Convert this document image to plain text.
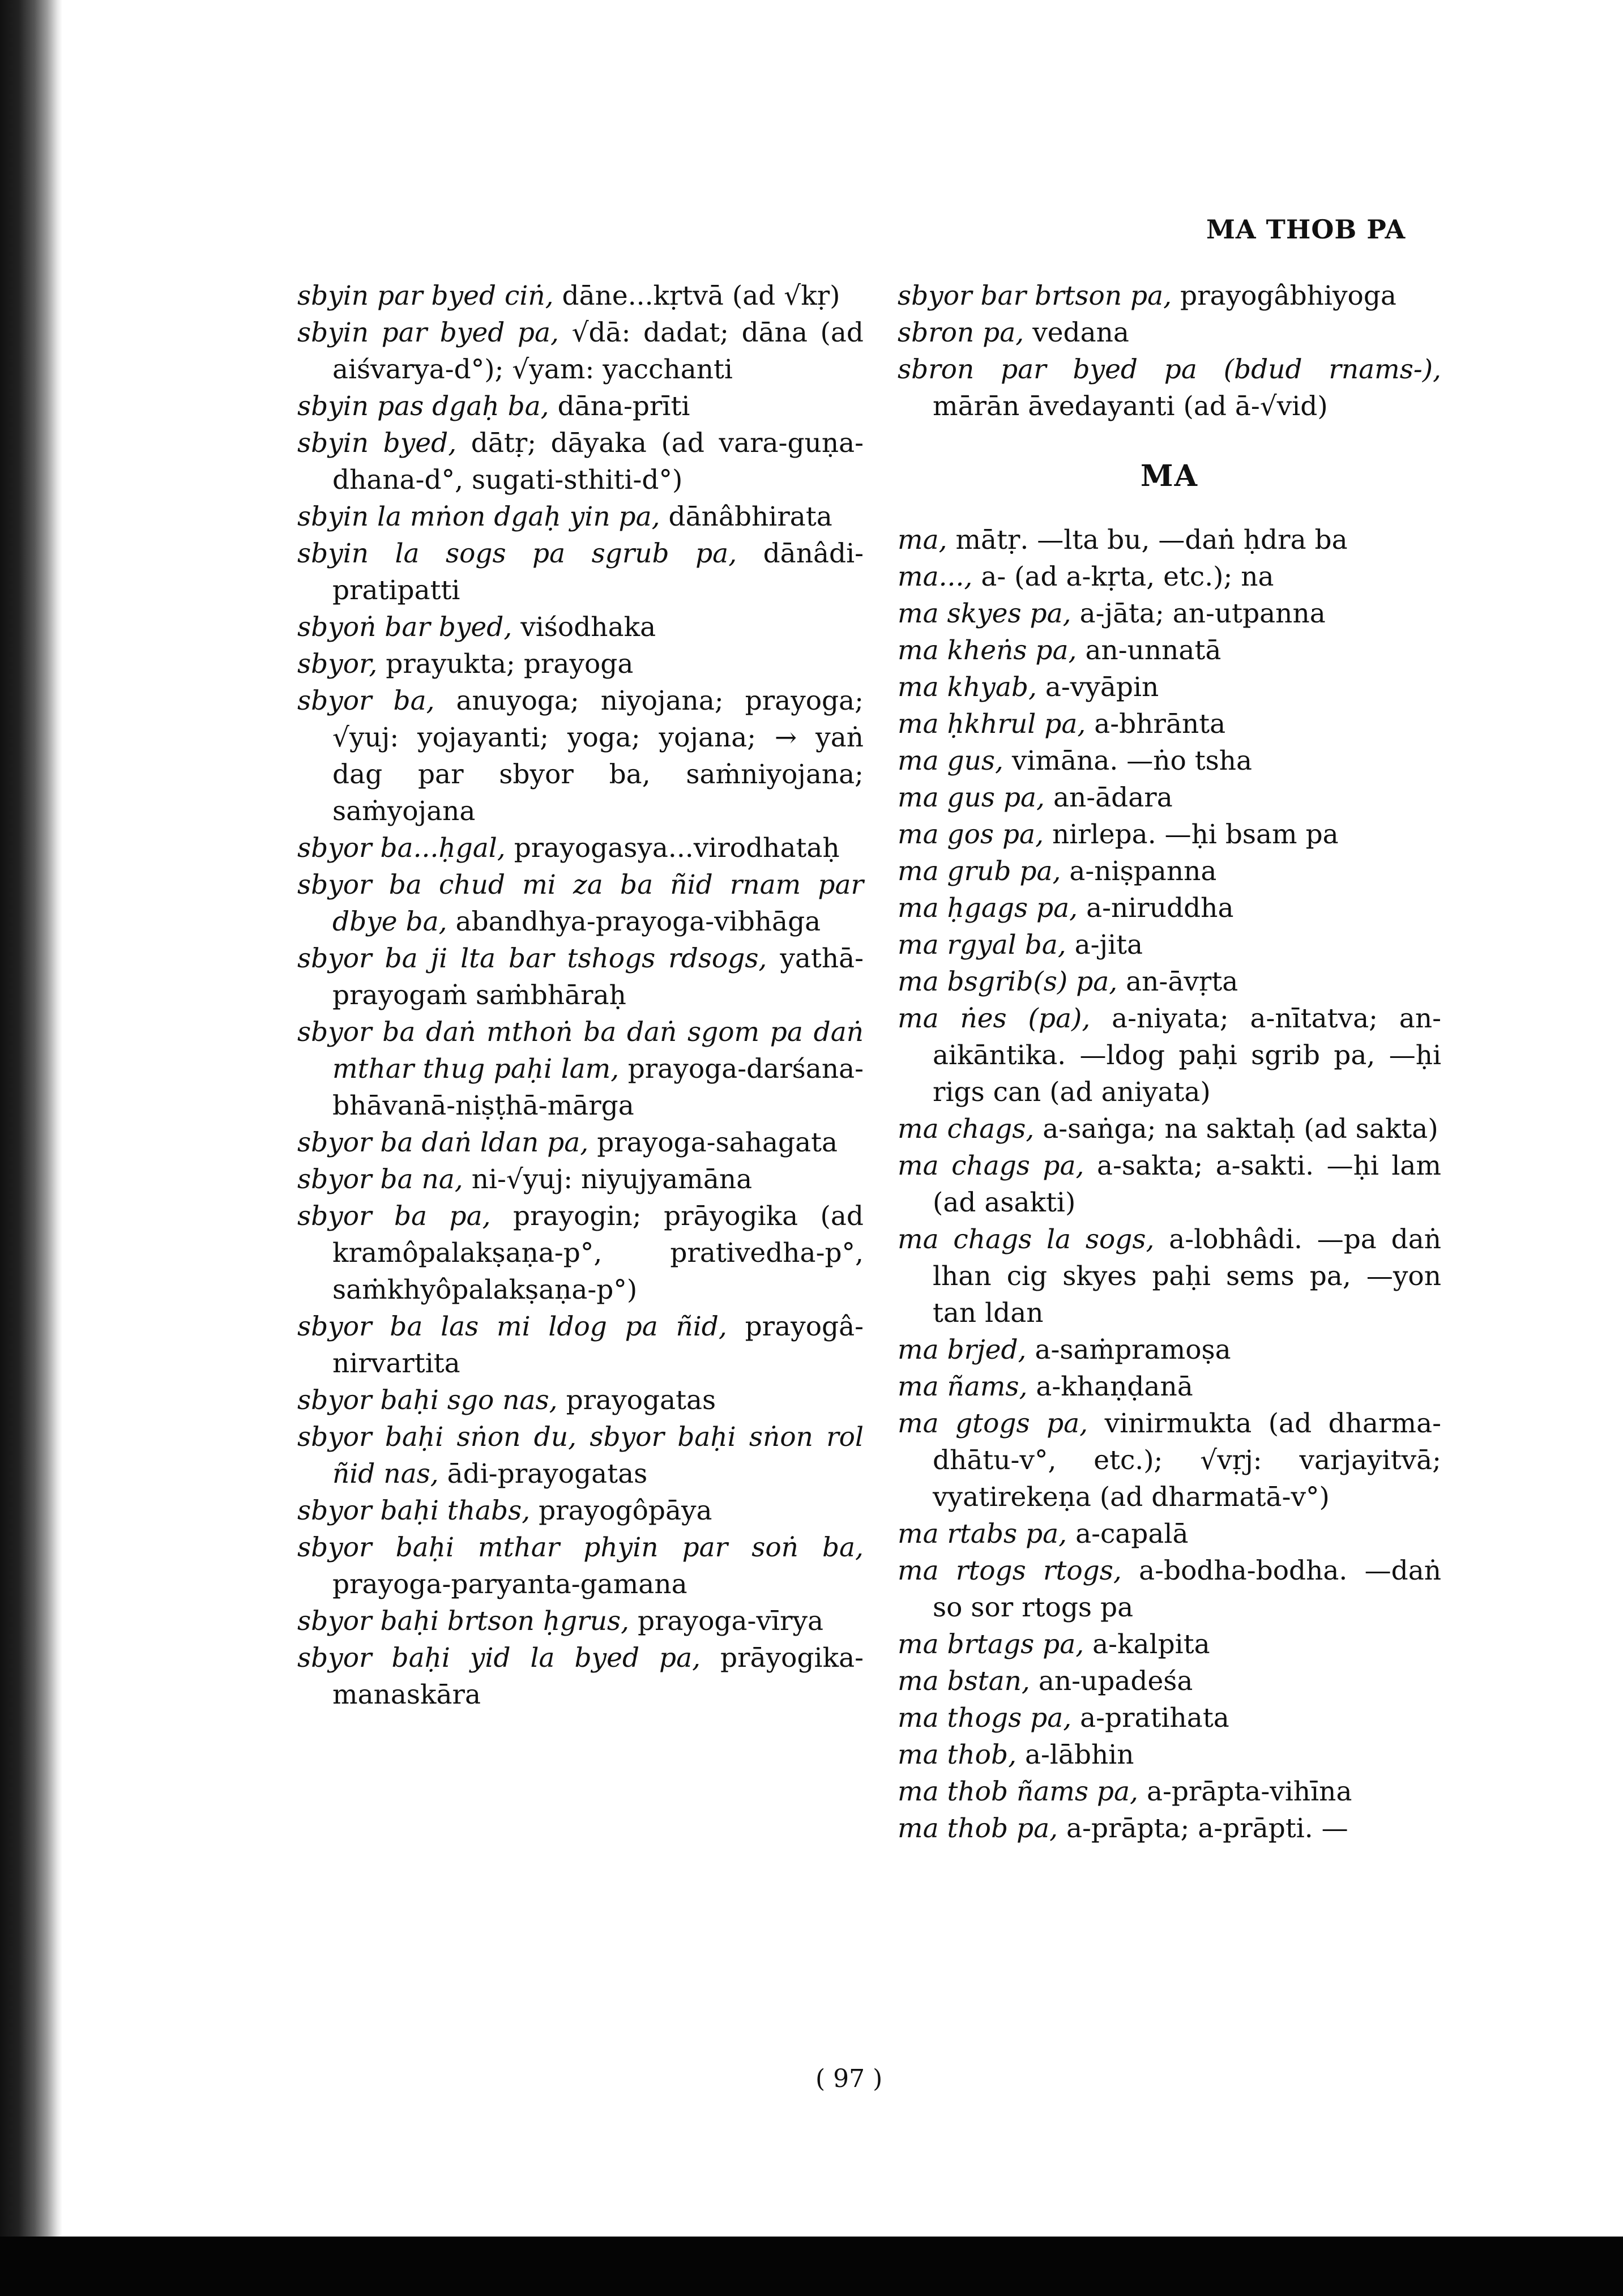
MA THOB PA

sbyin par byed ciṅ, dāne...kṛtvā (ad √kṛ)

sbyin par byed pa, √dā: dadat; dāna (ad aiśvarya-d°); √yam: yacchanti

sbyin pas dgaḥ ba, dāna-prīti

sbyin byed, dātṛ; dāyaka (ad vara-guṇa-dhana-d°, sugati-sthiti-d°)

sbyin la mṅon dgaḥ yin pa, dānâbhirata

sbyin la sogs pa sgrub pa, dānâdi-pratipatti

sbyoṅ bar byed, viśodhaka

sbyor, prayukta; prayoga

sbyor ba, anuyoga; niyojana; prayoga; √yuj: yojayanti; yoga; yojana; → yaṅ dag par sbyor ba, saṁniyojana; saṁyojana

sbyor ba...ḥgal, prayogasya...virodhataḥ

sbyor ba chud mi za ba ñid rnam par dbye ba, abandhya-prayoga-vibhāga

sbyor ba ji lta bar tshogs rdsogs, yathā-prayogaṁ saṁbhāraḥ

sbyor ba daṅ mthoṅ ba daṅ sgom pa daṅ mthar thug paḥi lam, prayoga-darśana-bhāvanā-niṣṭhā-mārga

sbyor ba daṅ ldan pa, prayoga-sahagata

sbyor ba na, ni-√yuj: niyujyamāna

sbyor ba pa, prayogin; prāyogika (ad kramôpalakṣaṇa-p°, prativedha-p°, saṁkhyôpalakṣaṇa-p°)

sbyor ba las mi ldog pa ñid, prayogâ-nirvartita

sbyor baḥi sgo nas, prayogatas

sbyor baḥi sṅon du, sbyor baḥi sṅon rol ñid nas, ādi-prayogatas

sbyor baḥi thabs, prayogôpāya

sbyor baḥi mthar phyin par soṅ ba, prayoga-paryanta-gamana

sbyor baḥi brtson ḥgrus, prayoga-vīrya

sbyor baḥi yid la byed pa, prāyogika-manaskāra

sbyor bar brtson pa, prayogâbhiyoga

sbron pa, vedana

sbron par byed pa (bdud rnams-), mārān āvedayanti (ad ā-√vid)

MA

ma, mātṛ. —lta bu, —daṅ ḥdra ba

ma..., a- (ad a-kṛta, etc.); na

ma skyes pa, a-jāta; an-utpanna

ma kheṅs pa, an-unnatā

ma khyab, a-vyāpin

ma ḥkhrul pa, a-bhrānta

ma gus, vimāna. —ṅo tsha

ma gus pa, an-ādara

ma gos pa, nirlepa. —ḥi bsam pa

ma grub pa, a-niṣpanna

ma ḥgags pa, a-niruddha

ma rgyal ba, a-jita

ma bsgrib(s) pa, an-āvṛta

ma ṅes (pa), a-niyata; a-nītatva; an-aikāntika. —ldog paḥi sgrib pa, —ḥi rigs can (ad aniyata)

ma chags, a-saṅga; na saktaḥ (ad sakta)

ma chags pa, a-sakta; a-sakti. —ḥi lam (ad asakti)

ma chags la sogs, a-lobhâdi. —pa daṅ lhan cig skyes paḥi sems pa, —yon tan ldan

ma brjed, a-saṁpramoṣa

ma ñams, a-khaṇḍanā

ma gtogs pa, vinirmukta (ad dharma-dhātu-v°, etc.); √vṛj: varjayitvā; vyatirekeṇa (ad dharmatā-v°)

ma rtabs pa, a-capalā

ma rtogs rtogs, a-bodha-bodha. —daṅ so sor rtogs pa

ma brtags pa, a-kalpita

ma bstan, an-upadeśa

ma thogs pa, a-pratihata

ma thob, a-lābhin

ma thob ñams pa, a-prāpta-vihīna

ma thob pa, a-prāpta; a-prāpti. —

( 97 )
